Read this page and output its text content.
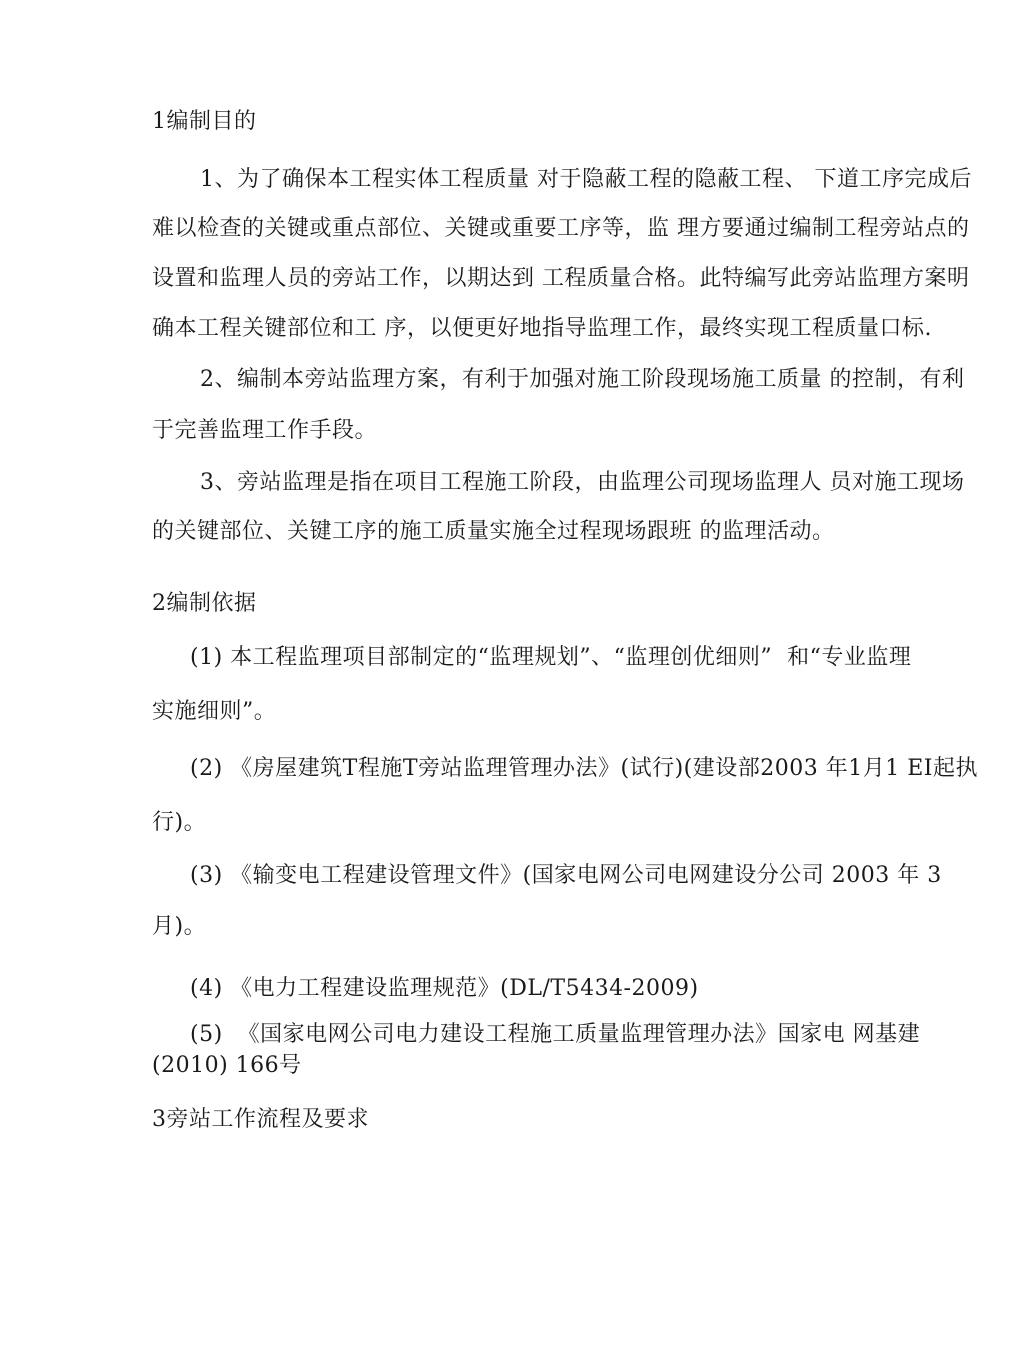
1编制目的
1、为了确保本工程实体工程质量 对于隐蔽工程的隐蔽工程、 下道工序完成后
难以检查的关键或重点部位、关键或重要工序等，监 理方要通过编制工程旁站点的
设置和监理人员的旁站工作，以期达到 工程质量合格。此特编写此旁站监理方案明
确本工程关键部位和工 序，以便更好地指导监理工作，最终实现工程质量口标.
2、编制本旁站监理方案，有利于加强对施工阶段现场施工质量 的控制，有利
于完善监理工作手段。
3、旁站监理是指在项目工程施工阶段，由监理公司现场监理人 员对施工现场
的关键部位、关键工序的施工质量实施全过程现场跟班 的监理活动。
2编制依据
(1) 本工程监理项目部制定的“监理规划”、“监理创优细则”  和“专业监理
实施细则”。
(2) 《房屋建筑T程施T旁站监理管理办法》(试行)(建设部2003 年1月1 EI起执
行)。
(3) 《输变电工程建设管理文件》(国家电网公司电网建设分公司 2003 年 3
月)。
(4) 《电力工程建设监理规范》(DL/T5434-2009)
(5)  《国家电网公司电力建设工程施工质量监理管理办法》国家电 网基建
(2010) 166号
3旁站工作流程及要求
